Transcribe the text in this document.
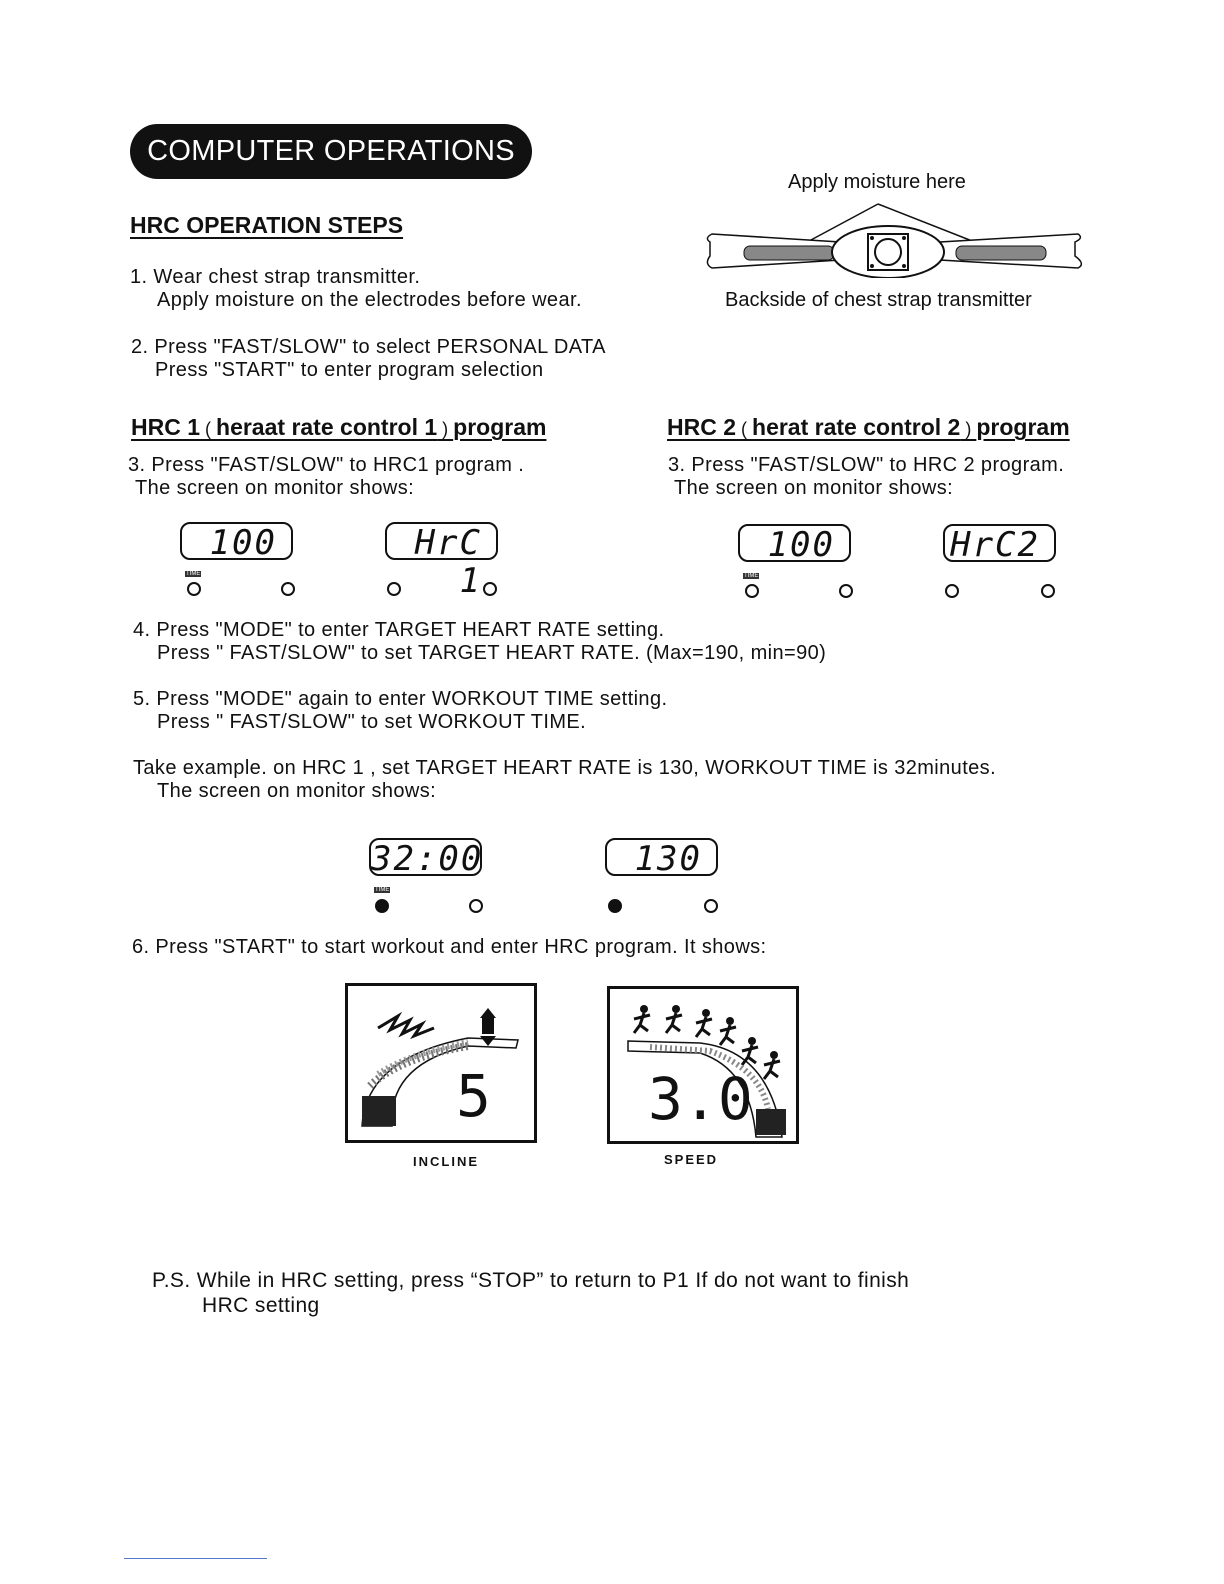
COMPUTER OPERATIONS
Apply moisture here
Backside of chest strap transmitter
HRC OPERATION STEPS
1. Wear chest strap transmitter.
Apply moisture on the electrodes before wear.
2. Press "FAST/SLOW" to select PERSONAL DATA
Press "START" to enter program selection
HRC 1 ( heraat rate control 1 ) program
3. Press "FAST/SLOW" to HRC1 program .
The screen on monitor shows:
100	HrC 1
TIME
HRC 2 ( herat rate control 2 ) program
3. Press "FAST/SLOW" to HRC 2 program.
The screen on monitor shows:
100	HrC2
TIME
4. Press "MODE" to enter TARGET HEART RATE setting.
Press " FAST/SLOW" to set TARGET HEART RATE. (Max=190, min=90)
5. Press "MODE" again to enter WORKOUT TIME setting.
Press " FAST/SLOW" to set WORKOUT TIME.
Take example. on HRC 1 , set TARGET HEART RATE is 130, WORKOUT TIME is 32minutes.
The screen on monitor shows:
32:00	130
TIME
6. Press "START" to start workout and enter HRC program. It shows:
5
INCLINE
3.0
SPEED
P.S. While in HRC setting, press “STOP” to return to P1 If do not want to finish
HRC setting
